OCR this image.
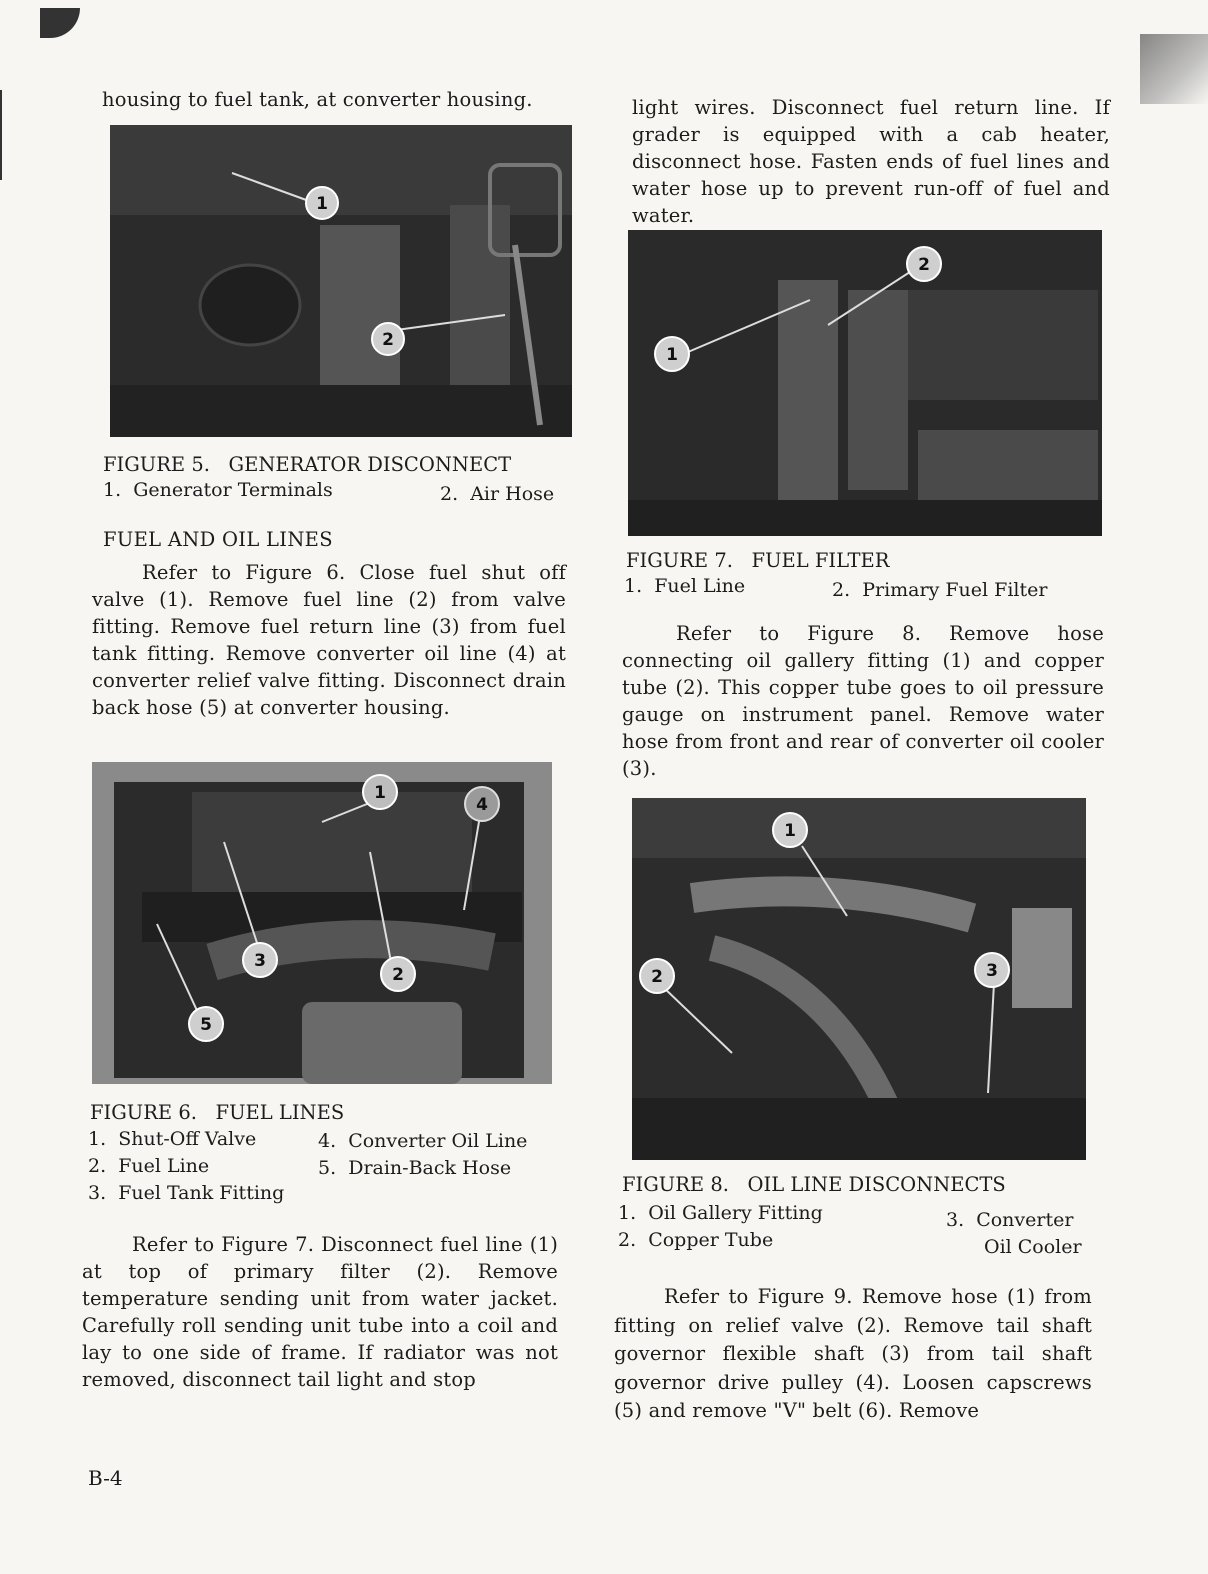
housing to fuel tank, at converter housing.
1
2
FIGURE 5.   GENERATOR DISCONNECT
1.  Generator Terminals	2.  Air Hose
FUEL AND OIL LINES
Refer to Figure 6. Close fuel shut off valve (1). Remove fuel line (2) from valve fitting. Remove fuel return line (3) from fuel tank fitting. Remove converter oil line (4) at converter relief valve fitting. Disconnect drain back hose (5) at converter housing.
1
2
3
4
5
FIGURE 6.   FUEL LINES
1.  Shut-Off Valve
2.  Fuel Line
3.  Fuel Tank Fitting
4.  Converter Oil Line
5.  Drain-Back Hose
Refer to Figure 7. Disconnect fuel line (1) at top of primary filter (2). Remove temperature sending unit from water jacket. Carefully roll sending unit tube into a coil and lay to one side of frame. If radiator was not removed, disconnect tail light and stop
B-4
light wires. Disconnect fuel return line. If grader is equipped with a cab heater, disconnect hose. Fasten ends of fuel lines and water hose up to prevent run-off of fuel and water.
1
2
FIGURE 7.   FUEL FILTER
1.  Fuel Line	2.  Primary Fuel Filter
Refer to Figure 8. Remove hose connecting oil gallery fitting (1) and copper tube (2). This copper tube goes to oil pressure gauge on instrument panel. Remove water hose from front and rear of converter oil cooler (3).
1
2	3
FIGURE 8.   OIL LINE DISCONNECTS
1.  Oil Gallery Fitting
2.  Copper Tube
3.  Converter
Oil Cooler
Refer to Figure 9. Remove hose (1) from fitting on relief valve (2). Remove tail shaft governor flexible shaft (3) from tail shaft governor drive pulley (4). Loosen capscrews (5) and remove "V" belt (6). Remove
